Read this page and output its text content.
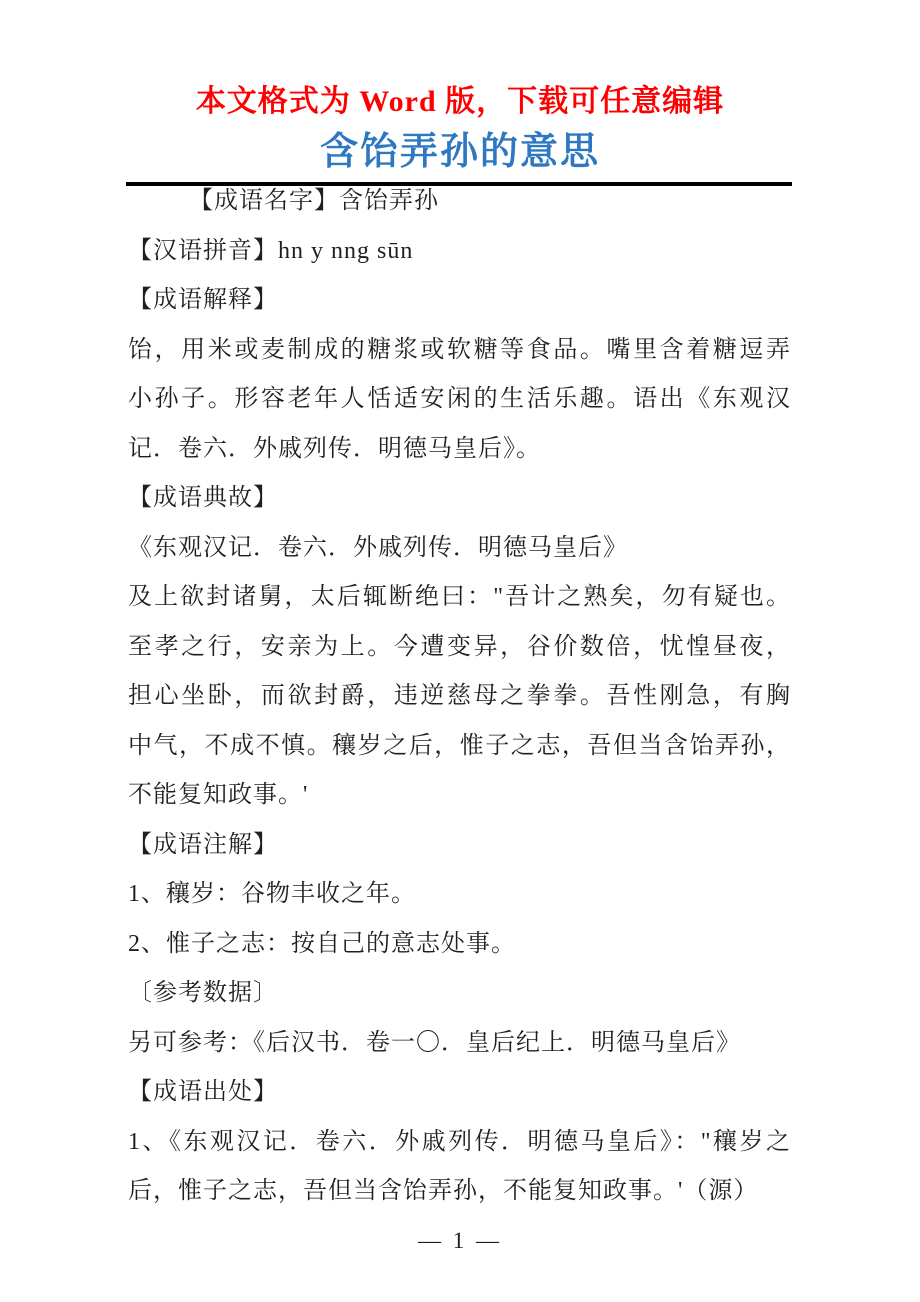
本文格式为 Word 版，下载可任意编辑
含饴弄孙的意思
【成语名字】含饴弄孙
【汉语拼音】hn y nng sūn
【成语解释】
饴，用米或麦制成的糖浆或软糖等食品。嘴里含着糖逗弄
小孙子。形容老年人恬适安闲的生活乐趣。语出《东观汉
记．卷六．外戚列传．明德马皇后》。
【成语典故】
《东观汉记．卷六．外戚列传．明德马皇后》
及上欲封诸舅，太后辄断绝曰："吾计之熟矣，勿有疑也。
至孝之行，安亲为上。今遭变异，谷价数倍，忧惶昼夜，
担心坐卧，而欲封爵，违逆慈母之拳拳。吾性刚急，有胸
中气，不成不慎。穰岁之后，惟子之志，吾但当含饴弄孙，
不能复知政事。'
【成语注解】
1、穰岁：谷物丰收之年。
2、惟子之志：按自己的意志处事。
〔参考数据〕
另可参考：《后汉书．卷一〇．皇后纪上．明德马皇后》
【成语出处】
1、《东观汉记．卷六．外戚列传．明德马皇后》："穰岁之
后，惟子之志，吾但当含饴弄孙，不能复知政事。'（源）
— 1 —
